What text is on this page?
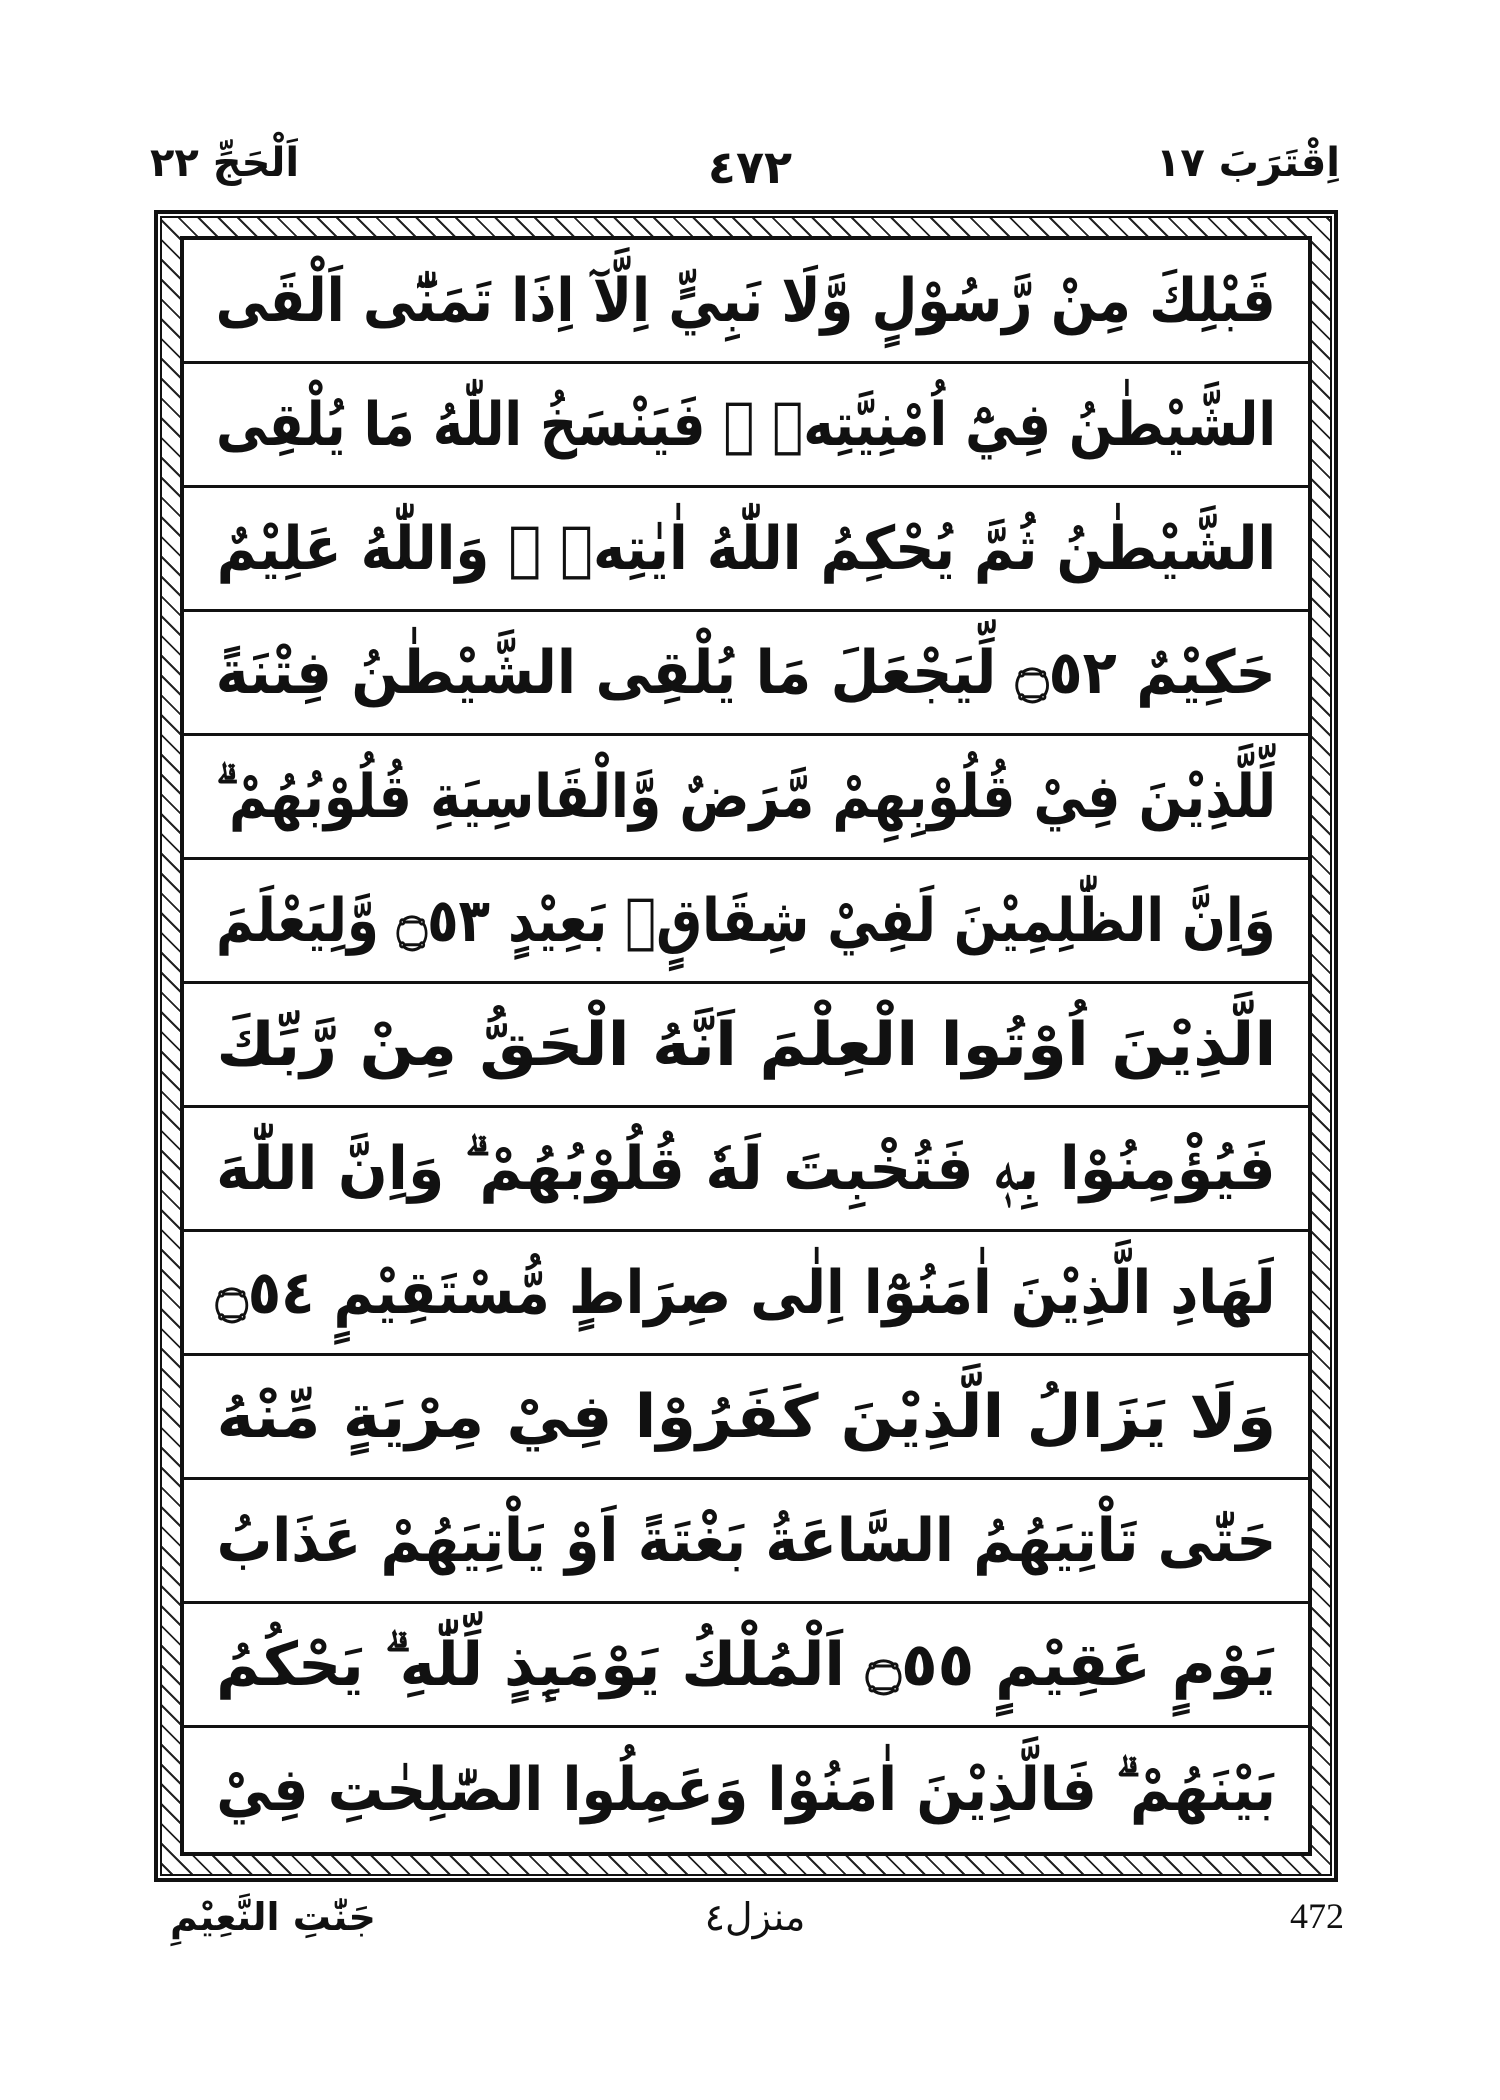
اِقْتَرَبَ ١٧
٤٧٢
اَلْحَجِّ ٢٢
قَبْلِكَ مِنْ رَّسُوْلٍ وَّلَا نَبِيٍّ اِلَّآ اِذَا تَمَنّٰٓى اَلْقَى
الشَّيْطٰنُ فِيْٓ اُمْنِيَّتِهٖ ۚ فَيَنْسَخُ اللّٰهُ مَا يُلْقِى
الشَّيْطٰنُ ثُمَّ يُحْكِمُ اللّٰهُ اٰيٰتِهٖ ۗ وَاللّٰهُ عَلِيْمٌ
حَكِيْمٌ ۝٥٢ لِّيَجْعَلَ مَا يُلْقِى الشَّيْطٰنُ فِتْنَةً
لِّلَّذِيْنَ فِيْ قُلُوْبِهِمْ مَّرَضٌ وَّالْقَاسِيَةِ قُلُوْبُهُمْ ۗ
وَاِنَّ الظّٰلِمِيْنَ لَفِيْ شِقَاقٍۢ بَعِيْدٍ ۝٥٣ وَّلِيَعْلَمَ
الَّذِيْنَ اُوْتُوا الْعِلْمَ اَنَّهُ الْحَقُّ مِنْ رَّبِّكَ
فَيُؤْمِنُوْا بِهٖ فَتُخْبِتَ لَهٗ قُلُوْبُهُمْ ۗ وَاِنَّ اللّٰهَ
لَهَادِ الَّذِيْنَ اٰمَنُوْٓا اِلٰى صِرَاطٍ مُّسْتَقِيْمٍ ۝٥٤
وَلَا يَزَالُ الَّذِيْنَ كَفَرُوْا فِيْ مِرْيَةٍ مِّنْهُ
حَتّٰى تَاْتِيَهُمُ السَّاعَةُ بَغْتَةً اَوْ يَاْتِيَهُمْ عَذَابُ
يَوْمٍ عَقِيْمٍ ۝٥٥ اَلْمُلْكُ يَوْمَىِٕذٍ لِّلّٰهِ ۗ يَحْكُمُ
بَيْنَهُمْ ۗ فَالَّذِيْنَ اٰمَنُوْا وَعَمِلُوا الصّٰلِحٰتِ فِيْ
جَنّٰتِ النَّعِيْمِ	منزل٤	472
